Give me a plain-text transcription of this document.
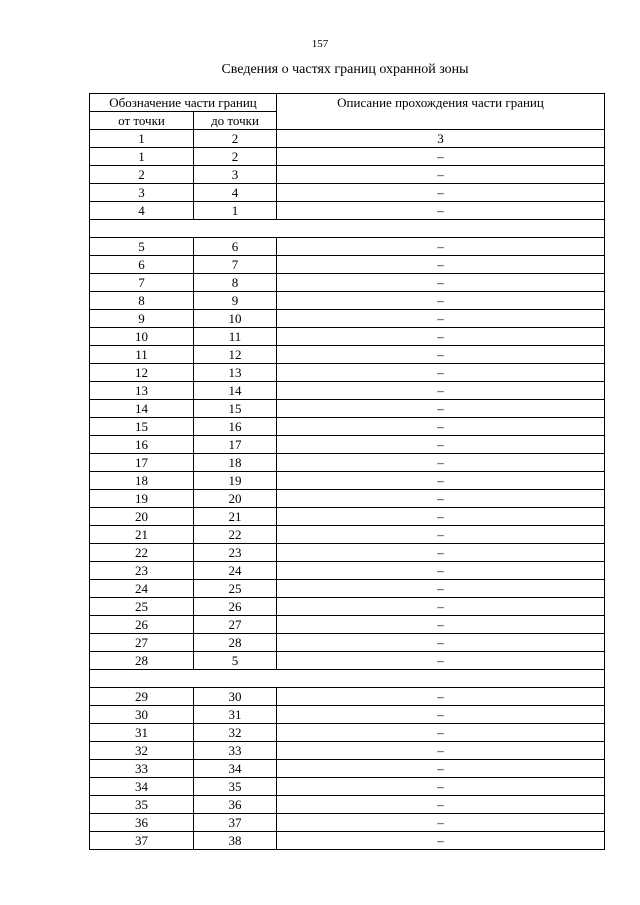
157
Сведения о частях границ охранной зоны
Обозначение части границ		Описание прохождения части границ
от точки	до точки	
1	2	3
1	2	–
2	3	–
3	4	–
4	1	–

5	6	–
6	7	–
7	8	–
8	9	–
9	10	–
10	11	–
11	12	–
12	13	–
13	14	–
14	15	–
15	16	–
16	17	–
17	18	–
18	19	–
19	20	–
20	21	–
21	22	–
22	23	–
23	24	–
24	25	–
25	26	–
26	27	–
27	28	–
28	5	–

29	30	–
30	31	–
31	32	–
32	33	–
33	34	–
34	35	–
35	36	–
36	37	–
37	38	–
